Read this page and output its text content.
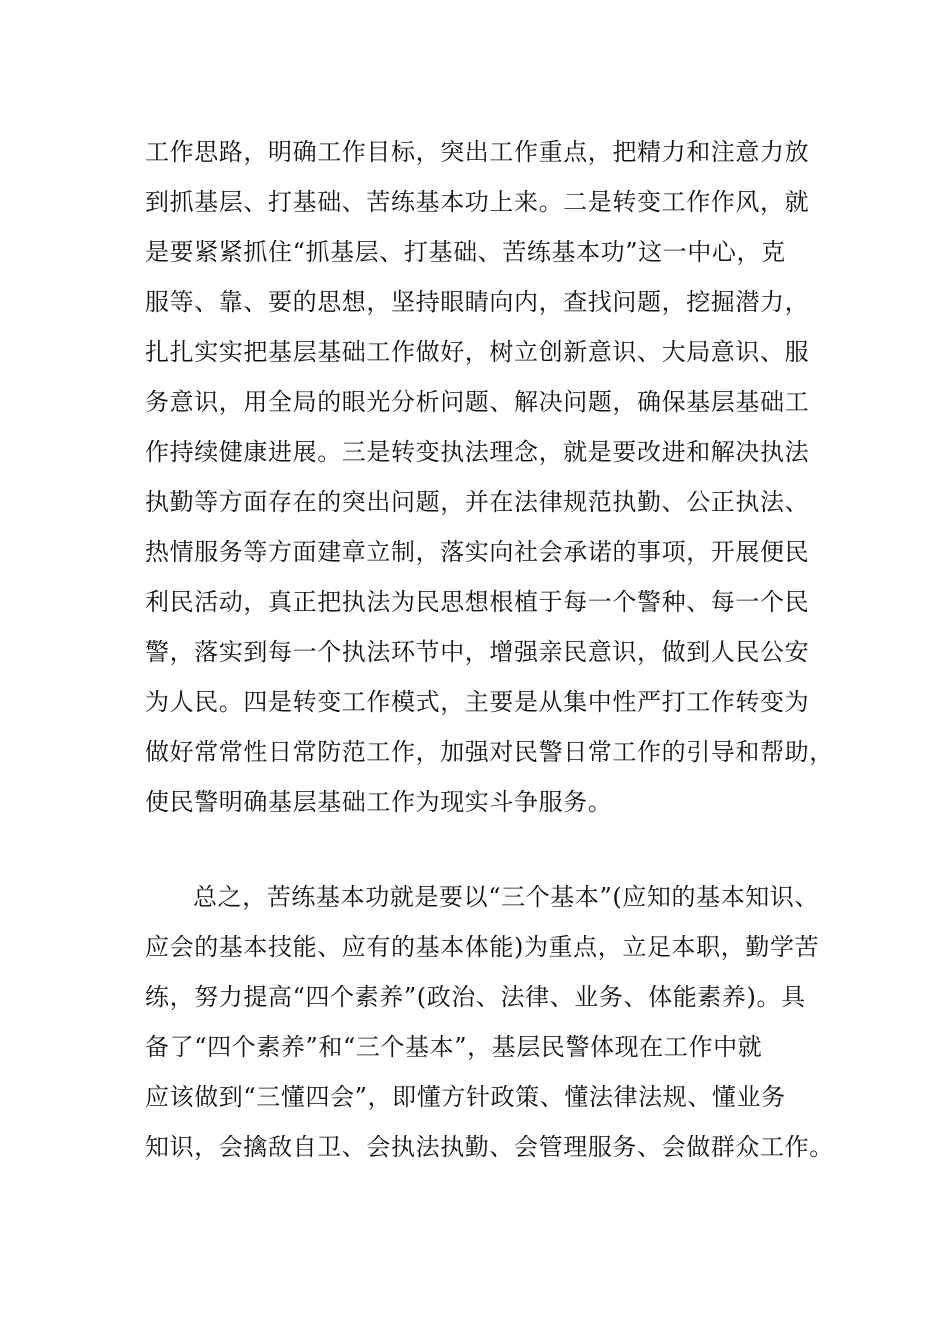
工作思路，明确工作目标，突出工作重点，把精力和注意力放
到抓基层、打基础、苦练基本功上来。二是转变工作作风，就
是要紧紧抓住“抓基层、打基础、苦练基本功”这一中心，克
服等、靠、要的思想，坚持眼睛向内，查找问题，挖掘潜力，
扎扎实实把基层基础工作做好，树立创新意识、大局意识、服
务意识，用全局的眼光分析问题、解决问题，确保基层基础工
作持续健康进展。三是转变执法理念，就是要改进和解决执法
执勤等方面存在的突出问题，并在法律规范执勤、公正执法、
热情服务等方面建章立制，落实向社会承诺的事项，开展便民
利民活动，真正把执法为民思想根植于每一个警种、每一个民
警，落实到每一个执法环节中，增强亲民意识，做到人民公安
为人民。四是转变工作模式，主要是从集中性严打工作转变为
做好常常性日常防范工作，加强对民警日常工作的引导和帮助，
使民警明确基层基础工作为现实斗争服务。
总之，苦练基本功就是要以“三个基本”(应知的基本知识、
应会的基本技能、应有的基本体能)为重点，立足本职，勤学苦
练，努力提高“四个素养”(政治、法律、业务、体能素养)。具
备了“四个素养”和“三个基本”，基层民警体现在工作中就
应该做到“三懂四会”，即懂方针政策、懂法律法规、懂业务
知识，会擒敌自卫、会执法执勤、会管理服务、会做群众工作。
